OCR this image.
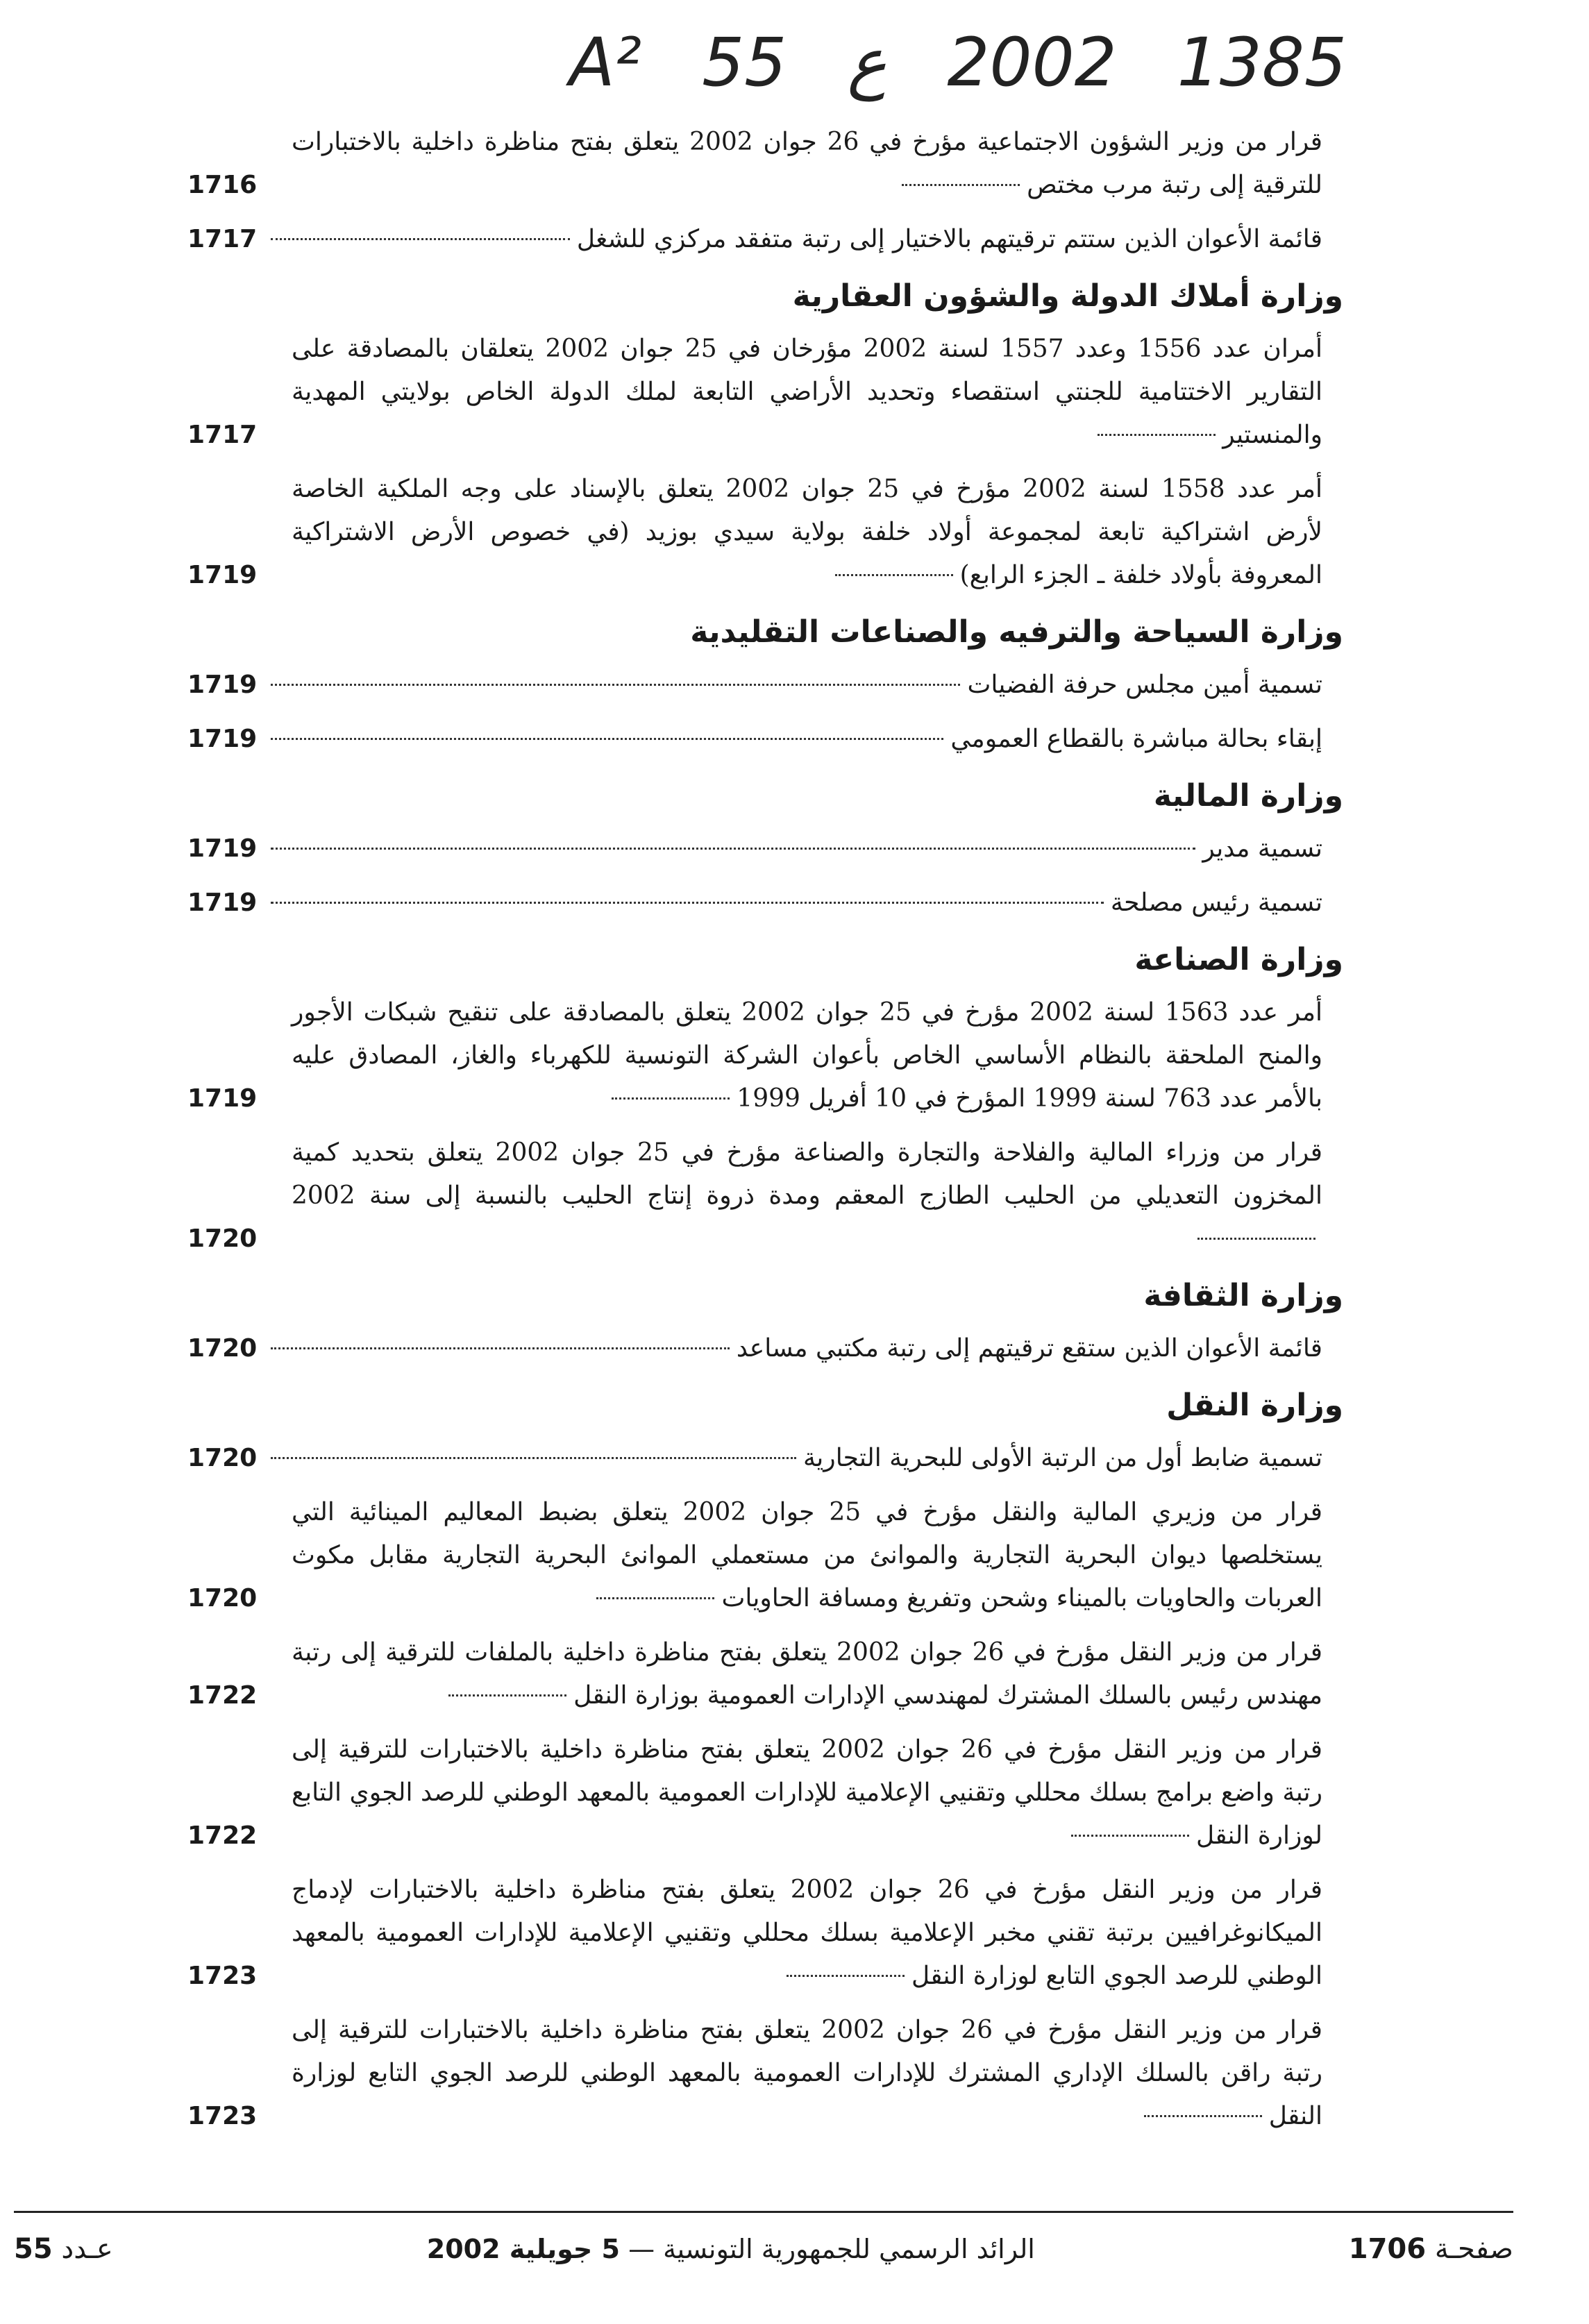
A² 55 ع 2002 1385
قرار من وزير الشؤون الاجتماعية مؤرخ في 26 جوان 2002 يتعلق بفتح مناظرة داخلية بالاختبارات للترقية إلى رتبة مرب مختص
1716
قائمة الأعوان الذين ستتم ترقيتهم بالاختيار إلى رتبة متفقد مركزي للشغل
1717
وزارة أملاك الدولة والشؤون العقارية
أمران عدد 1556 وعدد 1557 لسنة 2002 مؤرخان في 25 جوان 2002 يتعلقان بالمصادقة على التقارير الاختتامية للجنتي استقصاء وتحديد الأراضي التابعة لملك الدولة الخاص بولايتي المهدية والمنستير
1717
أمر عدد 1558 لسنة 2002 مؤرخ في 25 جوان 2002 يتعلق بالإسناد على وجه الملكية الخاصة لأرض اشتراكية تابعة لمجموعة أولاد خلفة بولاية سيدي بوزيد (في خصوص الأرض الاشتراكية المعروفة بأولاد خلفة ـ الجزء الرابع)
1719
وزارة السياحة والترفيه والصناعات التقليدية
تسمية أمين مجلس حرفة الفضيات
1719
إبقاء بحالة مباشرة بالقطاع العمومي
1719
وزارة المالية
تسمية مدير
1719
تسمية رئيس مصلحة
1719
وزارة الصناعة
أمر عدد 1563 لسنة 2002 مؤرخ في 25 جوان 2002 يتعلق بالمصادقة على تنقيح شبكات الأجور والمنح الملحقة بالنظام الأساسي الخاص بأعوان الشركة التونسية للكهرباء والغاز، المصادق عليه بالأمر عدد 763 لسنة 1999 المؤرخ في 10 أفريل 1999
1719
قرار من وزراء المالية والفلاحة والتجارة والصناعة مؤرخ في 25 جوان 2002 يتعلق بتحديد كمية المخزون التعديلي من الحليب الطازج المعقم ومدة ذروة إنتاج الحليب بالنسبة إلى سنة 2002
1720
وزارة الثقافة
قائمة الأعوان الذين ستقع ترقيتهم إلى رتبة مكتبي مساعد
1720
وزارة النقل
تسمية ضابط أول من الرتبة الأولى للبحرية التجارية
1720
قرار من وزيري المالية والنقل مؤرخ في 25 جوان 2002 يتعلق بضبط المعاليم المينائية التي يستخلصها ديوان البحرية التجارية والموانئ من مستعملي الموانئ البحرية التجارية مقابل مكوث العربات والحاويات بالميناء وشحن وتفريغ ومسافة الحاويات
1720
قرار من وزير النقل مؤرخ في 26 جوان 2002 يتعلق بفتح مناظرة داخلية بالملفات للترقية إلى رتبة مهندس رئيس بالسلك المشترك لمهندسي الإدارات العمومية بوزارة النقل
1722
قرار من وزير النقل مؤرخ في 26 جوان 2002 يتعلق بفتح مناظرة داخلية بالاختبارات للترقية إلى رتبة واضع برامج بسلك محللي وتقنيي الإعلامية للإدارات العمومية بالمعهد الوطني للرصد الجوي التابع لوزارة النقل
1722
قرار من وزير النقل مؤرخ في 26 جوان 2002 يتعلق بفتح مناظرة داخلية بالاختبارات لإدماج الميكانوغرافيين برتبة تقني مخبر الإعلامية بسلك محللي وتقنيي الإعلامية للإدارات العمومية بالمعهد الوطني للرصد الجوي التابع لوزارة النقل
1723
قرار من وزير النقل مؤرخ في 26 جوان 2002 يتعلق بفتح مناظرة داخلية بالاختبارات للترقية إلى رتبة راقن بالسلك الإداري المشترك للإدارات العمومية بالمعهد الوطني للرصد الجوي التابع لوزارة النقل
1723
صفحـة 1706
الرائد الرسمي للجمهورية التونسية — 5 جويلية 2002
عـدد 55
